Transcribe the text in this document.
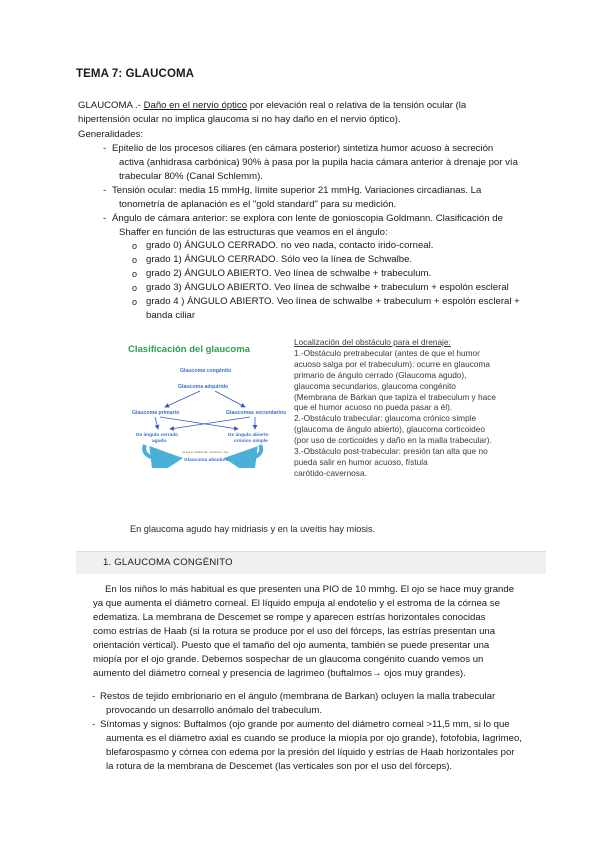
TEMA 7: GLAUCOMA
GLAUCOMA .- Daño en el nervio óptico por elevación real o relativa de la tensión ocular (la
hipertensión ocular no implica glaucoma si no hay daño en el nervio óptico).
Generalidades:
- Epitelio de los procesos ciliares (en cámara posterior) sintetiza humor acuoso à secreción
activa (anhidrasa carbónica) 90% à pasa por la pupila hacia cámara anterior à drenaje por vía
trabecular 80% (Canal Schlemm).
- Tensión ocular: media 15 mmHg, límite superior 21 mmHg. Variaciones circadianas. La
tonometría de aplanación es el "gold standard" para su medición.
- Ángulo de cámara anterior: se explora con lente de gonioscopia Goldmann. Clasificación de
Shaffer en función de las estructuras que veamos en el ángulo:
o grado 0) ÁNGULO CERRADO. no veo nada, contacto irido-corneal.
o grado 1) ÁNGULO CERRADO. Sólo veo la línea de Schwalbe.
o grado 2) ÁNGULO ABIERTO. Veo línea de schwalbe + trabeculum.
o grado 3) ÁNGULO ABIERTO. Veo línea de schwalbe + trabeculum + espolón escleral
o grado 4 ) ÁNGULO ABIERTO. Veo línea de schwalbe + trabeculum + espolón escleral +
banda ciliar
Clasificación del glaucoma
Glaucoma congénito
Glaucoma adquirido
Glaucoma primario	Glaucomas secundarios
De ángulo cerrado
agudo
De ángulo abierto
crónico simple
ya sea lo tratable álo, síntomas o hay
Glaucoma absoluto
Localización del obstáculo para el drenaje:
1.-Obstáculo pretrabecular (antes de que el humor
acuoso salga por el trabeculum): ocurre en glaucoma
primario de ángulo cerrado (Glaucoma agudo),
glaucoma secundarios, glaucoma congénito
(Membrana de Barkan que tapiza el trabeculum y hace
que el humor acuoso no pueda pasar a él).
2.-Obstáculo trabecular: glaucoma crónico simple
(glaucoma de ángulo abierto), glaucoma corticoideo
(por uso de corticoides y daño en la malla trabecular).
3.-Obstáculo post-trabecular: presión tan alta que no
pueda salir en humor acuoso, fístula
carótido-cavernosa.
En glaucoma agudo hay midriasis y en la uveítis hay miosis.
1. GLAUCOMA CONGÉNITO
En los niños lo más habitual es que presenten una PIO de 10 mmhg. El ojo se hace muy grande
ya que aumenta el diámetro corneal. El líquido empuja al endotelio y el estroma de la córnea se
edematiza. La membrana de Descemet se rompe y aparecen estrías horizontales conocidas
como estrías de Haab (si la rotura se produce por el uso del fórceps, las estrías presentan una
orientación vertical). Puesto que el tamaño del ojo aumenta, también se puede presentar una
miopía por el ojo grande. Debemos sospechar de un glaucoma congénito cuando vemos un
aumento del diámetro corneal y presencia de lagrimeo (buftalmos→ ojos muy grandes).
- Restos de tejido embrionario en el ángulo (membrana de Barkan) ocluyen la malla trabecular
provocando un desarrollo anómalo del trabeculum.
- Síntomas y signos: Buftalmos (ojo grande por aumento del diámetro corneal >11,5 mm, si lo que
aumenta es el diámetro axial es cuando se produce la miopía por ojo grande), fotofobia, lagrimeo,
blefarospasmo y córnea con edema por la presión del líquido y estrías de Haab horizontales por
la rotura de la membrana de Descemet (las verticales son por el uso del fórceps).
